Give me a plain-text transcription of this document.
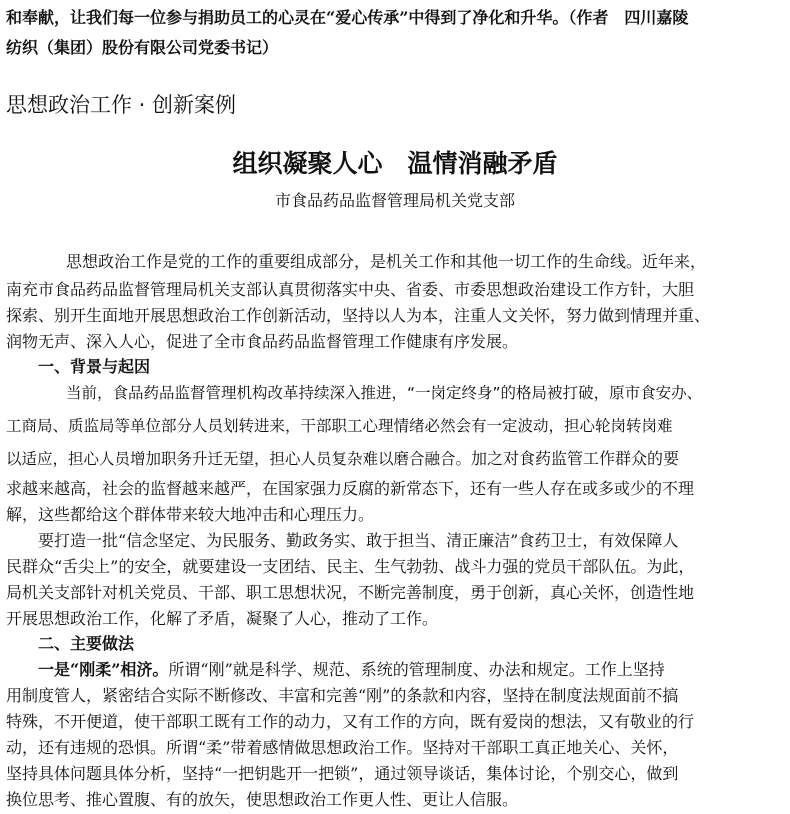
和奉献，让我们每一位参与捐助员工的心灵在“爱心传承”中得到了净化和升华。（作者　四川嘉陵
纺织（集团）股份有限公司党委书记）
思想政治工作 · 创新案例
组织凝聚人心　温情消融矛盾
市食品药品监督管理局机关党支部
思想政治工作是党的工作的重要组成部分，是机关工作和其他一切工作的生命线。近年来，
南充市食品药品监督管理局机关支部认真贯彻落实中央、省委、市委思想政治建设工作方针，大胆
探索、别开生面地开展思想政治工作创新活动，坚持以人为本，注重人文关怀，努力做到情理并重、
润物无声、深入人心，促进了全市食品药品监督管理工作健康有序发展。
一、背景与起因
当前，食品药品监督管理机构改革持续深入推进，“一岗定终身”的格局被打破，原市食安办、
工商局、质监局等单位部分人员划转进来，干部职工心理情绪必然会有一定波动，担心轮岗转岗难
以适应，担心人员增加职务升迁无望，担心人员复杂难以磨合融合。加之对食药监管工作群众的要
求越来越高，社会的监督越来越严，在国家强力反腐的新常态下，还有一些人存在或多或少的不理
解，这些都给这个群体带来较大地冲击和心理压力。
要打造一批“信念坚定、为民服务、勤政务实、敢于担当、清正廉洁”食药卫士，有效保障人
民群众“舌尖上”的安全，就要建设一支团结、民主、生气勃勃、战斗力强的党员干部队伍。为此，
局机关支部针对机关党员、干部、职工思想状况，不断完善制度，勇于创新，真心关怀，创造性地
开展思想政治工作，化解了矛盾，凝聚了人心，推动了工作。
二、主要做法
一是“刚柔”相济。所谓“刚”就是科学、规范、系统的管理制度、办法和规定。工作上坚持
用制度管人，紧密结合实际不断修改、丰富和完善“刚”的条款和内容，坚持在制度法规面前不搞
特殊，不开便道，使干部职工既有工作的动力，又有工作的方向，既有爱岗的想法，又有敬业的行
动，还有违规的恐惧。所谓“柔”带着感情做思想政治工作。坚持对干部职工真正地关心、关怀，
坚持具体问题具体分析，坚持“一把钥匙开一把锁”，通过领导谈话，集体讨论，个别交心，做到
换位思考、推心置腹、有的放矢，使思想政治工作更人性、更让人信服。
